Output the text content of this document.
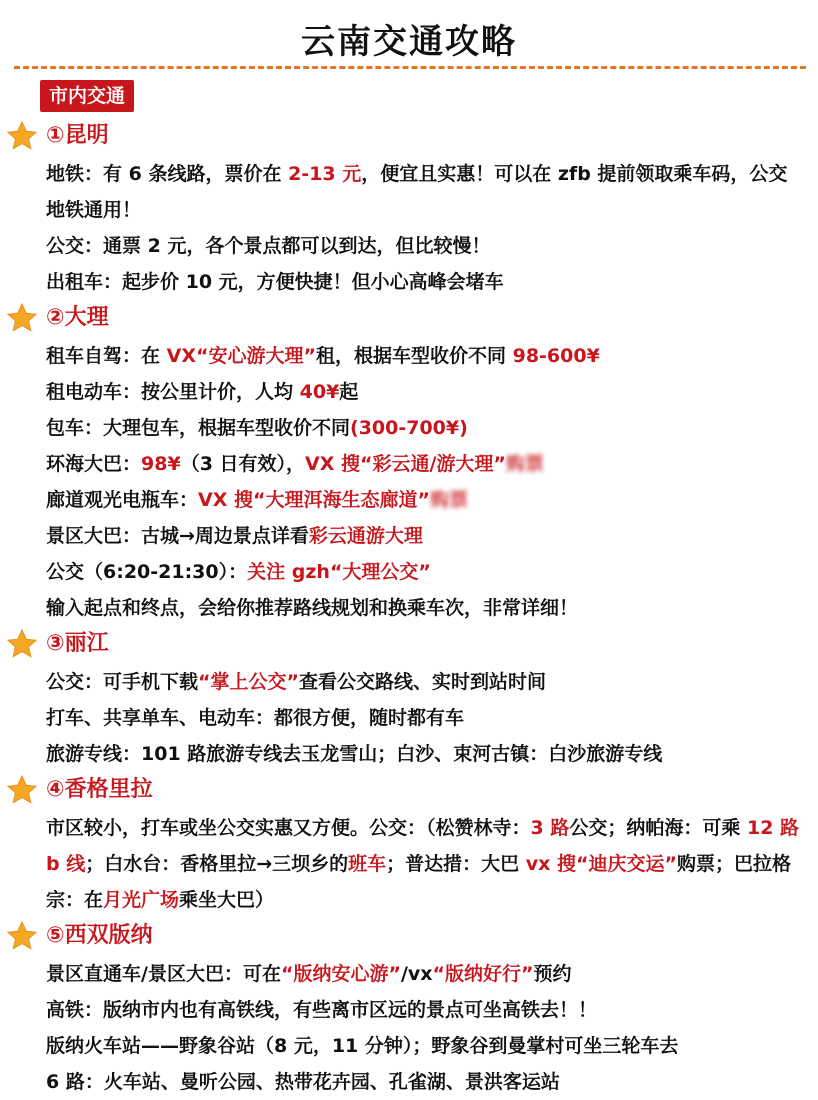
云南交通攻略
市内交通
①昆明

地铁：有 6 条线路，票价在 2-13 元，便宜且实惠！可以在 zfb 提前领取乘车码，公交地铁通用！

公交：通票 2 元，各个景点都可以到达，但比较慢！

出租车：起步价 10 元，方便快捷！但小心高峰会堵车

②大理

租车自驾：在 VX“安心游大理”租，根据车型收价不同 98-600¥

租电动车：按公里计价，人均 40¥起

包车：大理包车，根据车型收价不同(300-700¥)

环海大巴：98¥（3 日有效），VX 搜“彩云通/游大理”购票

廊道观光电瓶车：VX 搜“大理洱海生态廊道”购票

景区大巴：古城→周边景点详看彩云通游大理

公交（6:20-21:30）：关注 gzh“大理公交”

输入起点和终点，会给你推荐路线规划和换乘车次，非常详细！

③丽江

公交：可手机下载“掌上公交”查看公交路线、实时到站时间

打车、共享单车、电动车：都很方便，随时都有车

旅游专线：101 路旅游专线去玉龙雪山；白沙、束河古镇：白沙旅游专线

④香格里拉

市区较小，打车或坐公交实惠又方便。公交：（松赞林寺：3 路公交；纳帕海：可乘 12 路 b 线；白水台：香格里拉→三坝乡的班车；普达措：大巴 vx 搜“迪庆交运”购票；巴拉格宗：在月光广场乘坐大巴）

⑤西双版纳

景区直通车/景区大巴：可在“版纳安心游”/vx“版纳好行”预约

高铁：版纳市内也有高铁线，有些离市区远的景点可坐高铁去！！

版纳火车站——野象谷站（8 元，11 分钟）；野象谷到曼掌村可坐三轮车去

6 路：火车站、曼听公园、热带花卉园、孔雀湖、景洪客运站
